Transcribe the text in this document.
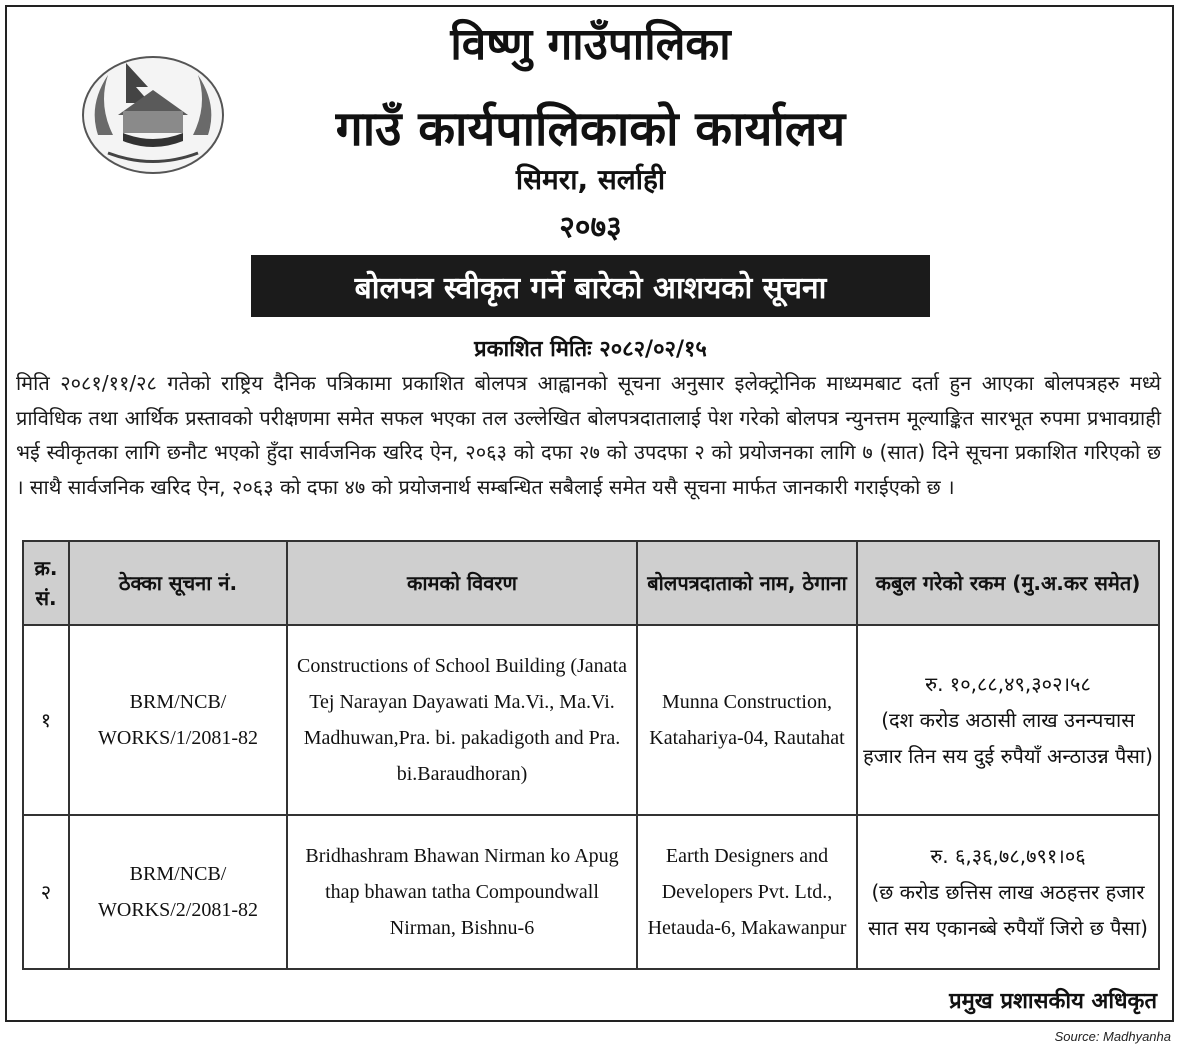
विष्णु गाउँपालिका
गाउँ कार्यपालिकाको कार्यालय
सिमरा, सर्लाही
२०७३
बोलपत्र स्वीकृत गर्ने बारेको आशयको सूचना
प्रकाशित मितिः २०८२/०२/१५
मिति २०८१/११/२८ गतेको राष्ट्रिय दैनिक पत्रिकामा प्रकाशित बोलपत्र आह्वानको सूचना अनुसार इलेक्ट्रोनिक माध्यमबाट दर्ता हुन आएका बोलपत्रहरु मध्ये प्राविधिक तथा आर्थिक प्रस्तावको परीक्षणमा समेत सफल भएका तल उल्लेखित बोलपत्रदातालाई पेश गरेको बोलपत्र न्युनत्तम मूल्याङ्कित सारभूत रुपमा प्रभावग्राही भई स्वीकृतका लागि छनौट भएको हुँदा सार्वजनिक खरिद ऐन, २०६३ को दफा २७ को उपदफा २ को प्रयोजनका लागि ७ (सात) दिने सूचना प्रकाशित गरिएको छ । साथै सार्वजनिक खरिद ऐन, २०६३ को दफा ४७ को प्रयोजनार्थ सम्बन्धित सबैलाई समेत यसै सूचना मार्फत जानकारी गराईएको छ ।
क्र. सं.	ठेक्का सूचना नं.	कामको विवरण	बोलपत्रदाताको नाम, ठेगाना	कबुल गरेको रकम (मु.अ.कर समेत)
१	BRM/NCB/ WORKS/1/2081-82	Constructions of School Building (Janata Tej Narayan Dayawati Ma.Vi., Ma.Vi. Madhuwan,Pra. bi. pakadigoth and Pra. bi.Baraudhoran)	Munna Construction, Katahariya-04, Rautahat	रु. १०,८८,४९,३०२।५८
(दश करोड अठासी लाख उनन्पचास हजार तिन सय दुई रुपैयाँ अन्ठाउन्न पैसा)

२	BRM/NCB/ WORKS/2/2081-82	Bridhashram Bhawan Nirman ko Apug thap bhawan tatha Compoundwall Nirman, Bishnu-6	Earth Designers and Developers Pvt. Ltd., Hetauda-6, Makawanpur	रु. ६,३६,७८,७९१।०६
(छ करोड छत्तिस लाख अठहत्तर हजार सात सय एकानब्बे रुपैयाँ जिरो छ पैसा)
प्रमुख प्रशासकीय अधिकृत
Source: Madhyanha
